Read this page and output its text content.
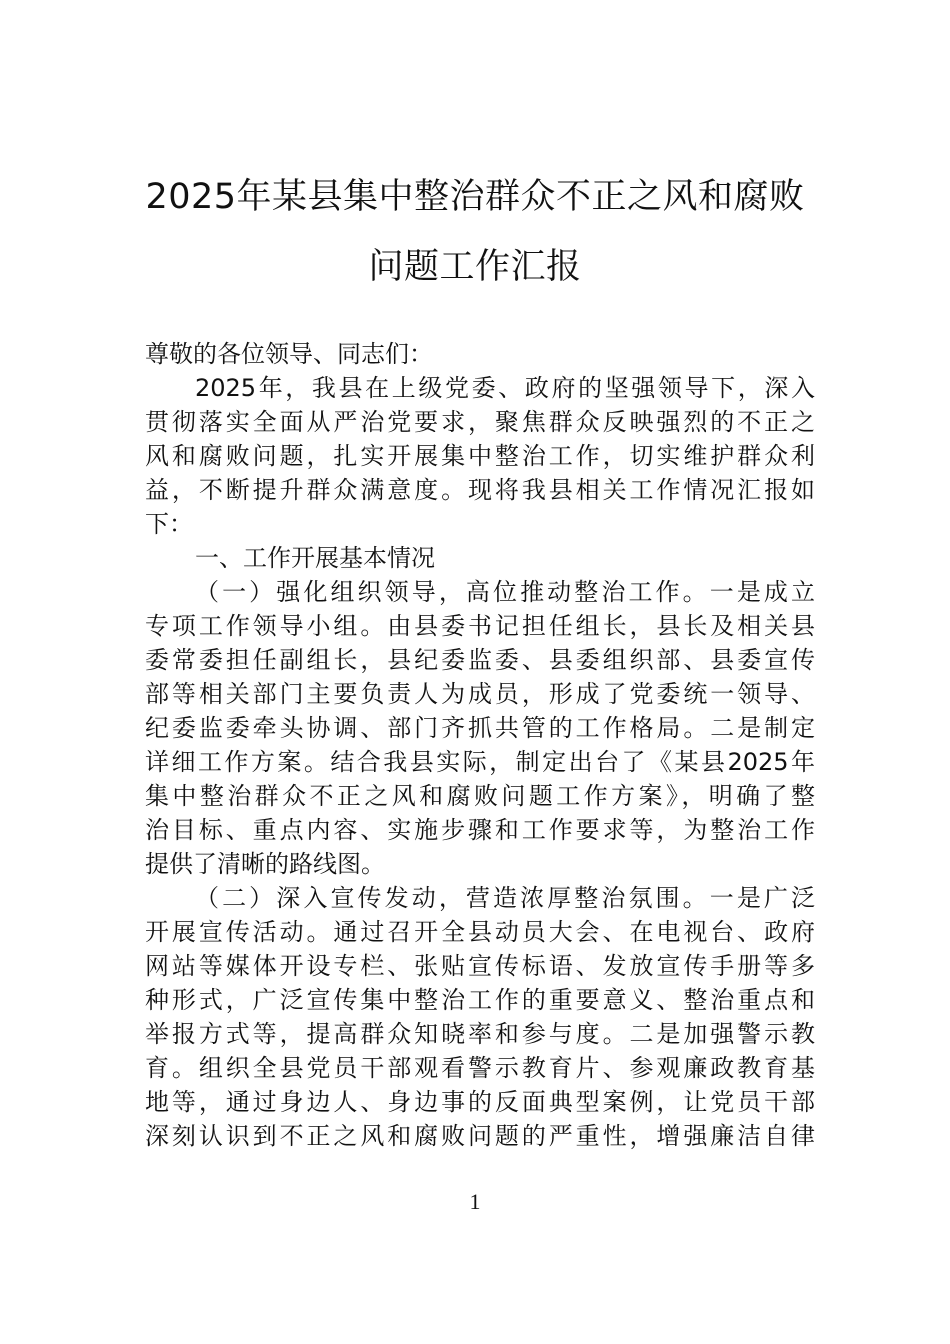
2025年某县集中整治群众不正之风和腐败
问题工作汇报
尊敬的各位领导、同志们：
2025年，我县在上级党委、政府的坚强领导下，深入
贯彻落实全面从严治党要求，聚焦群众反映强烈的不正之
风和腐败问题，扎实开展集中整治工作，切实维护群众利
益，不断提升群众满意度。现将我县相关工作情况汇报如
下：
一、工作开展基本情况
（一）强化组织领导，高位推动整治工作。一是成立
专项工作领导小组。由县委书记担任组长，县长及相关县
委常委担任副组长，县纪委监委、县委组织部、县委宣传
部等相关部门主要负责人为成员，形成了党委统一领导、
纪委监委牵头协调、部门齐抓共管的工作格局。二是制定
详细工作方案。结合我县实际，制定出台了《某县2025年
集中整治群众不正之风和腐败问题工作方案》，明确了整
治目标、重点内容、实施步骤和工作要求等，为整治工作
提供了清晰的路线图。
（二）深入宣传发动，营造浓厚整治氛围。一是广泛
开展宣传活动。通过召开全县动员大会、在电视台、政府
网站等媒体开设专栏、张贴宣传标语、发放宣传手册等多
种形式，广泛宣传集中整治工作的重要意义、整治重点和
举报方式等，提高群众知晓率和参与度。二是加强警示教
育。组织全县党员干部观看警示教育片、参观廉政教育基
地等，通过身边人、身边事的反面典型案例，让党员干部
深刻认识到不正之风和腐败问题的严重性，增强廉洁自律
1
